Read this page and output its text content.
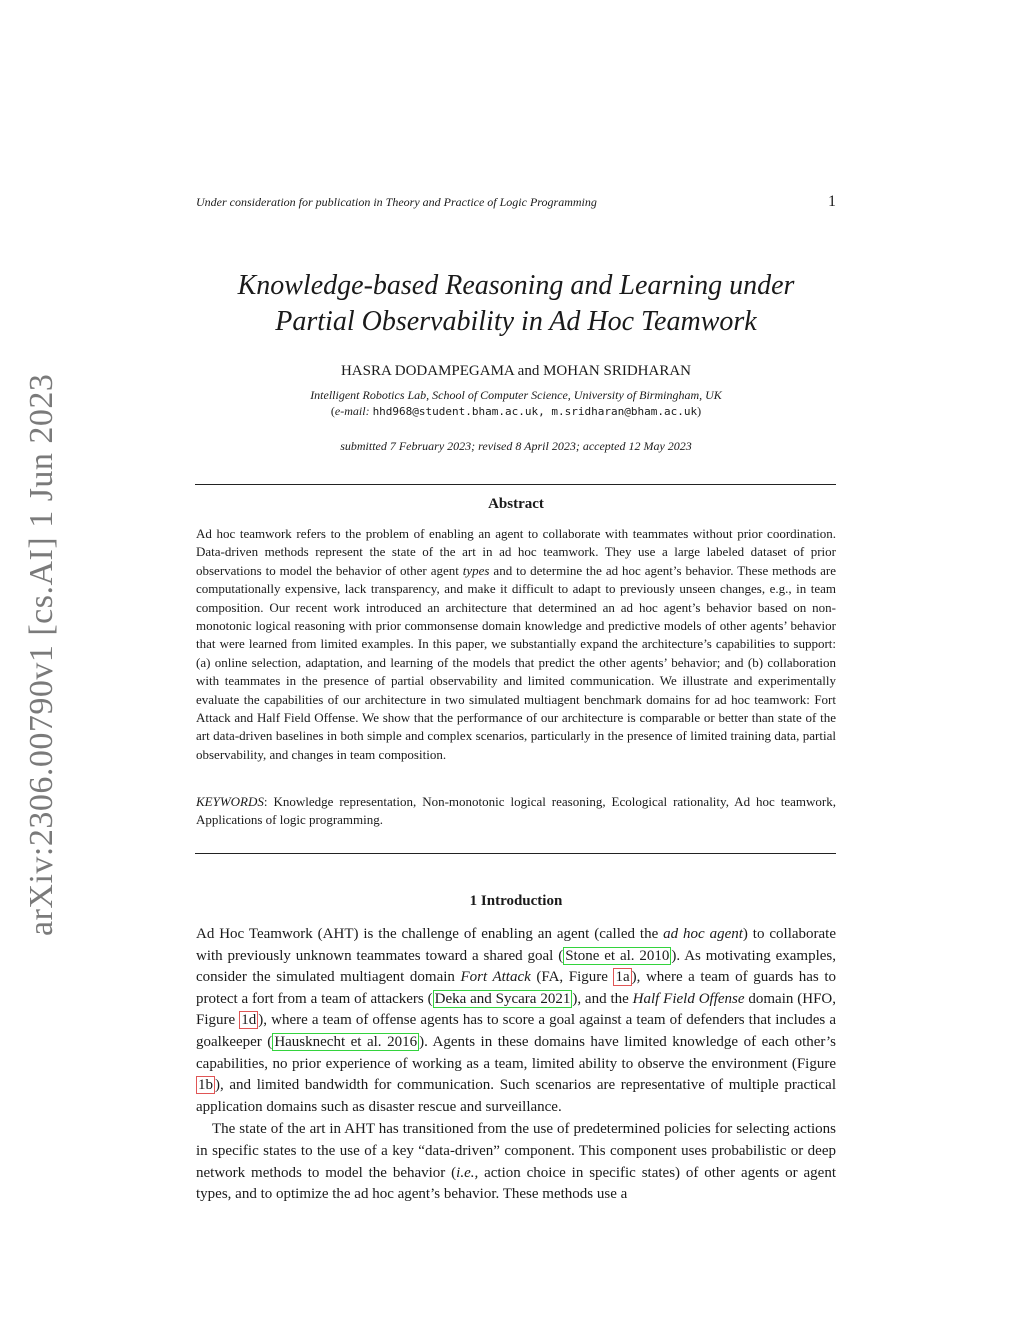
arXiv:2306.00790v1 [cs.AI] 1 Jun 2023
Under consideration for publication in Theory and Practice of Logic Programming	1
Knowledge-based Reasoning and Learning under
Partial Observability in Ad Hoc Teamwork
HASRA DODAMPEGAMA and MOHAN SRIDHARAN
Intelligent Robotics Lab, School of Computer Science, University of Birmingham, UK
(e-mail: hhd968@student.bham.ac.uk, m.sridharan@bham.ac.uk)
submitted 7 February 2023; revised 8 April 2023; accepted 12 May 2023
Abstract
Ad hoc teamwork refers to the problem of enabling an agent to collaborate with teammates without prior coordination. Data-driven methods represent the state of the art in ad hoc teamwork. They use a large labeled dataset of prior observations to model the behavior of other agent types and to determine the ad hoc agent’s behavior. These methods are computationally expensive, lack transparency, and make it difficult to adapt to previously unseen changes, e.g., in team composition. Our recent work introduced an architecture that determined an ad hoc agent’s behavior based on non-monotonic logical reasoning with prior commonsense domain knowledge and predictive models of other agents’ behavior that were learned from limited examples. In this paper, we substantially expand the architecture’s capabilities to support: (a) online selection, adaptation, and learning of the models that predict the other agents’ behavior; and (b) collaboration with teammates in the presence of partial observability and limited communication. We illustrate and experimentally evaluate the capabilities of our architecture in two simulated multiagent benchmark domains for ad hoc teamwork: Fort Attack and Half Field Offense. We show that the performance of our architecture is comparable or better than state of the art data-driven baselines in both simple and complex scenarios, particularly in the presence of limited training data, partial observability, and changes in team composition.
KEYWORDS: Knowledge representation, Non-monotonic logical reasoning, Ecological rationality, Ad hoc teamwork, Applications of logic programming.
1 Introduction

Ad Hoc Teamwork (AHT) is the challenge of enabling an agent (called the ad hoc agent) to collaborate with previously unknown teammates toward a shared goal ( Stone et al. 2010 ). As motivating examples, consider the simulated multiagent domain Fort Attack (FA, Figure 1a ), where a team of guards has to protect a fort from a team of attackers ( Deka and Sycara 2021 ), and the Half Field Offense domain (HFO, Figure 1d ), where a team of offense agents has to score a goal against a team of defenders that includes a goalkeeper ( Hausknecht et al. 2016 ). Agents in these domains have limited knowledge of each other’s capabilities, no prior experience of working as a team, limited ability to observe the environment (Figure 1b ), and limited bandwidth for communication. Such scenarios are representative of multiple practical application domains such as disaster rescue and surveillance.

The state of the art in AHT has transitioned from the use of predetermined policies for selecting actions in specific states to the use of a key “data-driven” component. This component uses probabilistic or deep network methods to model the behavior (i.e., action choice in specific states) of other agents or agent types, and to optimize the ad hoc agent’s behavior. These methods use a
